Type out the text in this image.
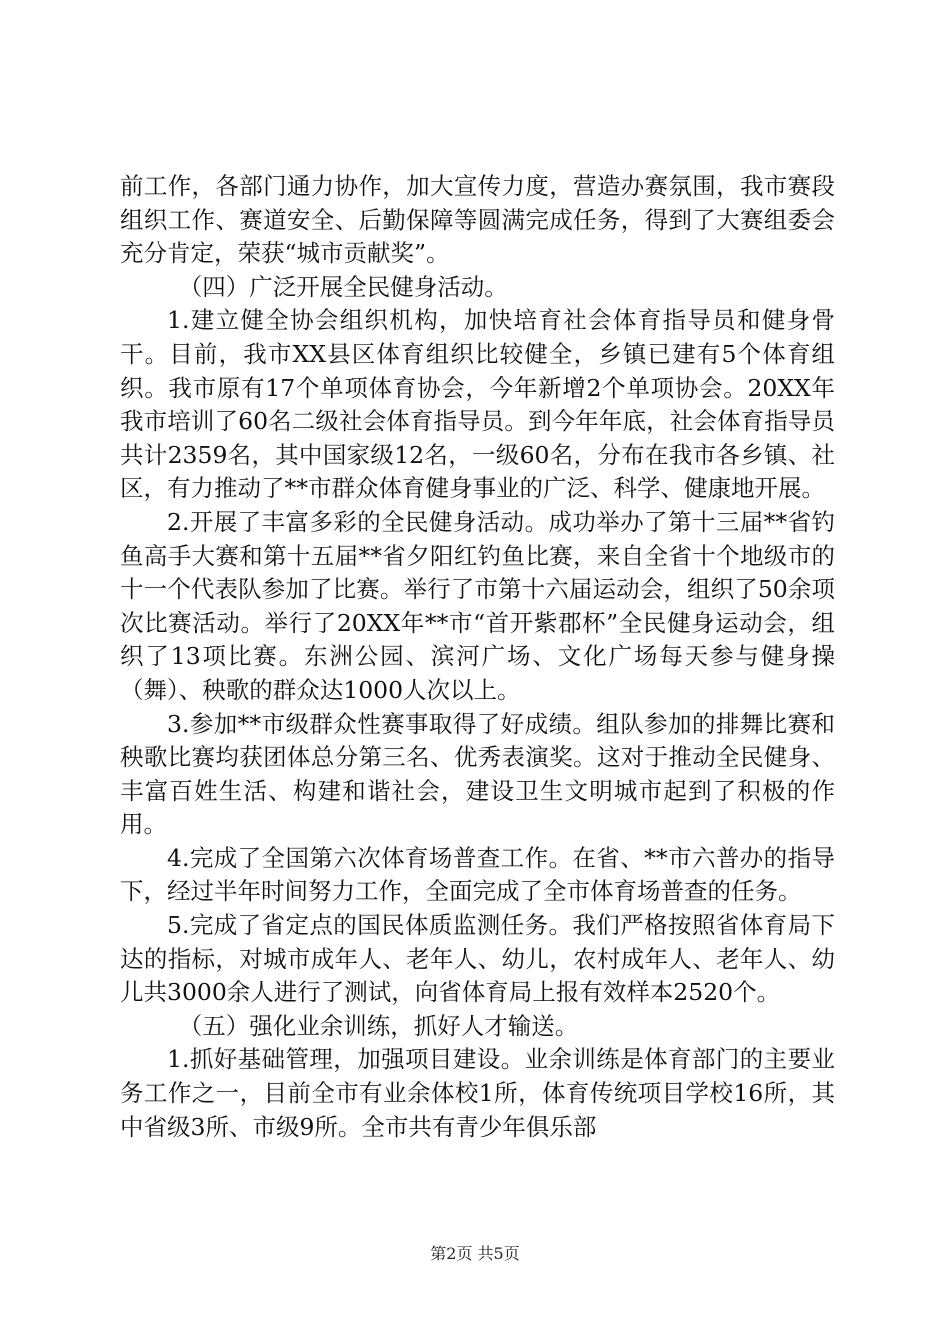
前工作，各部门通力协作，加大宣传力度，营造办赛氛围，我市赛段组织工作、赛道安全、后勤保障等圆满完成任务，得到了大赛组委会充分肯定，荣获“城市贡献奖”。

（四）广泛开展全民健身活动。

1.建立健全协会组织机构，加快培育社会体育指导员和健身骨干。目前，我市XX县区体育组织比较健全，乡镇已建有5个体育组织。我市原有17个单项体育协会，今年新增2个单项协会。20XX年我市培训了60名二级社会体育指导员。到今年年底，社会体育指导员共计2359名，其中国家级12名，一级60名，分布在我市各乡镇、社区，有力推动了**市群众体育健身事业的广泛、科学、健康地开展。

2.开展了丰富多彩的全民健身活动。成功举办了第十三届**省钓鱼高手大赛和第十五届**省夕阳红钓鱼比赛，来自全省十个地级市的十一个代表队参加了比赛。举行了市第十六届运动会，组织了50余项次比赛活动。举行了20XX年**市“首开紫郡杯”全民健身运动会，组织了13项比赛。东洲公园、滨河广场、文化广场每天参与健身操（舞）、秧歌的群众达1000人次以上。

3.参加**市级群众性赛事取得了好成绩。组队参加的排舞比赛和秧歌比赛均获团体总分第三名、优秀表演奖。这对于推动全民健身、丰富百姓生活、构建和谐社会，建设卫生文明城市起到了积极的作用。

4.完成了全国第六次体育场普查工作。在省、**市六普办的指导下，经过半年时间努力工作，全面完成了全市体育场普查的任务。

5.完成了省定点的国民体质监测任务。我们严格按照省体育局下达的指标，对城市成年人、老年人、幼儿，农村成年人、老年人、幼儿共3000余人进行了测试，向省体育局上报有效样本2520个。

（五）强化业余训练，抓好人才输送。

1.抓好基础管理，加强项目建设。业余训练是体育部门的主要业务工作之一，目前全市有业余体校1所，体育传统项目学校16所，其中省级3所、市级9所。全市共有青少年俱乐部

第2页 共5页
